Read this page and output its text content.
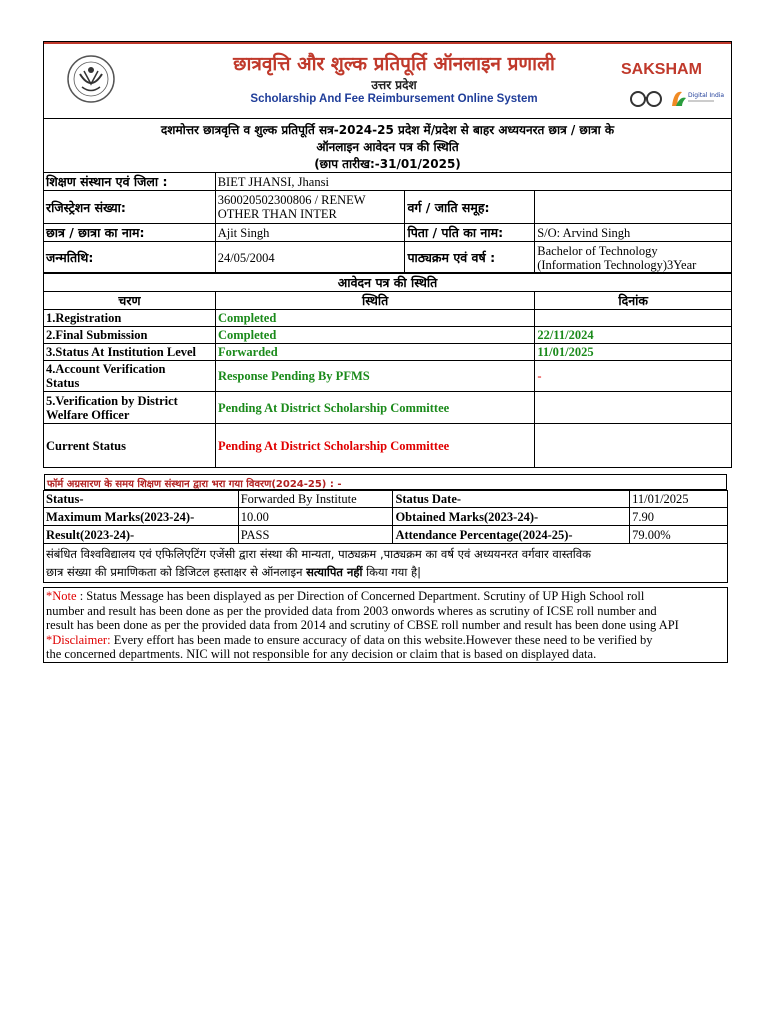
छात्रवृत्ति और शुल्क प्रतिपूर्ति ऑनलाइन प्रणाली
उत्तर प्रदेश
Scholarship And Fee Reimbursement Online System
SAKSHAM
Digital India
दशमोत्तर छात्रवृत्ति व शुल्क प्रतिपूर्ति सत्र-2024-25 प्रदेश में/प्रदेश से बाहर अध्ययनरत छात्र / छात्रा के
ऑनलाइन आवेदन पत्र की स्थिति
(छाप तारीख:-31/01/2025)
शिक्षण संस्थान एवं जिला :	BIET JHANSI, Jhansi		
रजिस्ट्रेशन संख्या:	360020502300806 / RENEW
OTHER THAN INTER	वर्ग / जाति समूह:	
छात्र / छात्रा का नाम:	Ajit Singh	पिता / पति का नाम:	S/O: Arvind Singh
जन्मतिथि:	24/05/2004	पाठ्यक्रम एवं वर्ष :	Bachelor of Technology
(Information Technology)3Year
आवेदन पत्र की स्थिति		
चरण	स्थिति	दिनांक
1.Registration	Completed	
2.Final Submission	Completed	22/11/2024
3.Status At Institution Level	Forwarded	11/01/2025

4.Account Verification
Status	Response Pending By PFMS	-

5.Verification by District
Welfare Officer	Pending At District Scholarship Committee	
Current Status	Pending At District Scholarship Committee	
फॉर्म अग्रसारण के समय शिक्षण संस्थान द्वारा भरा गया विवरण(2024-25) : -
Status-	Forwarded By Institute	Status Date-	11/01/2025
Maximum Marks(2023-24)-	10.00	Obtained Marks(2023-24)-	7.90
Result(2023-24)-	PASS	Attendance Percentage(2024-25)-	79.00%

संबंधित विश्वविद्यालय एवं एफिलिएटिंग एजेंसी द्वारा संस्था की मान्यता, पाठ्यक्रम ,पाठ्यक्रम का वर्ष एवं अध्ययनरत वर्गवार वास्तविक
छात्र संख्या की प्रमाणिकता को डिजिटल हस्ताक्षर से ऑनलाइन सत्यापित नहीं किया गया है|			
*Note : Status Message has been displayed as per Direction of Concerned Department. Scrutiny of UP High School roll
number and result has been done as per the provided data from 2003 onwords wheres as scrutiny of ICSE roll number and
result has been done as per the provided data from 2014 and scrutiny of CBSE roll number and result has been done using API
*Disclaimer: Every effort has been made to ensure accuracy of data on this website.However these need to be verified by
the concerned departments. NIC will not responsible for any decision or claim that is based on displayed data.
